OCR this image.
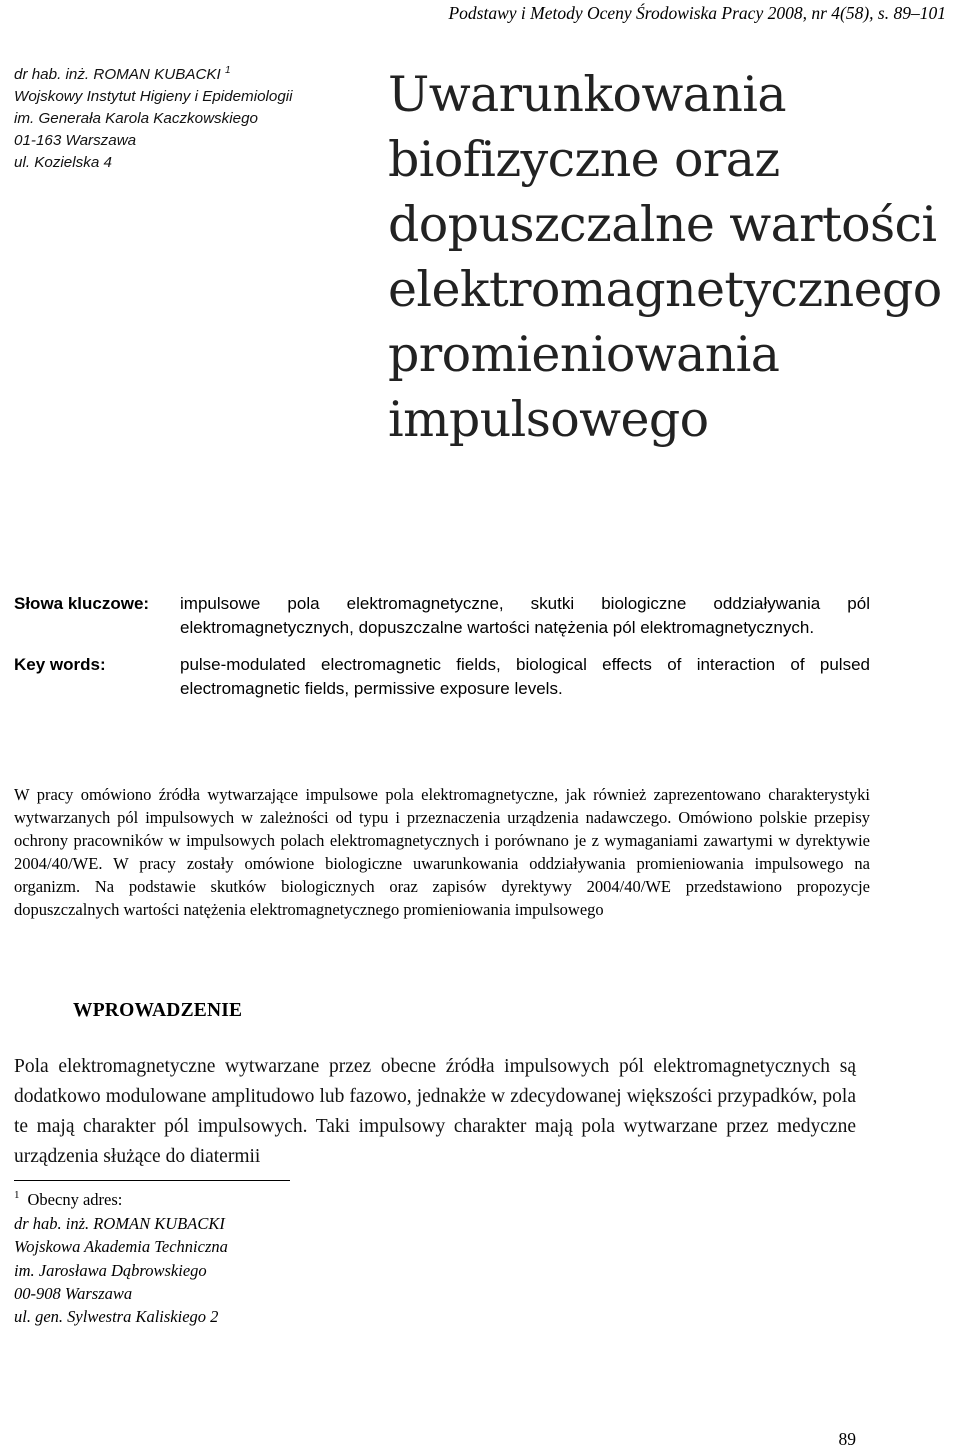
Podstawy i Metody Oceny Środowiska Pracy 2008, nr 4(58), s. 89–101
dr hab. inż. ROMAN KUBACKI $^1$
Wojskowy Instytut Higieny i Epidemiologii
im. Generała Karola Kaczkowskiego
01-163 Warszawa
ul. Kozielska 4
Uwarunkowania
biofizyczne oraz
dopuszczalne wartości
elektromagnetycznego
promieniowania
impulsowego
Słowa kluczowe:	impulsowe pola elektromagnetyczne, skutki biologiczne oddziaływania pól elektromagnetycznych, dopuszczalne wartości natężenia pól elektromagnetycznych.
Key words:	pulse-modulated electromagnetic fields, biological effects of interaction of pulsed electromagnetic fields, permissive exposure levels.
W pracy omówiono źródła wytwarzające impulsowe pola elektromagnetyczne, jak również zaprezentowano charakterystyki wytwarzanych pól impulsowych w zależności od typu i przeznaczenia urządzenia nadawczego. Omówiono polskie przepisy ochrony pracowników w impulsowych polach elektromagnetycznych i porównano je z wymaganiami zawartymi w dyrektywie 2004/40/WE. W pracy zostały omówione biologiczne uwarunkowania oddziaływania promieniowania impulsowego na organizm. Na podstawie skutków biologicznych oraz zapisów dyrektywy 2004/40/WE przedstawiono propozycje dopuszczalnych wartości natężenia elektromagnetycznego promieniowania impulsowego
WPROWADZENIE
Pola elektromagnetyczne wytwarzane przez obecne źródła impulsowych pól elektromagnetycznych są dodatkowo modulowane amplitudowo lub fazowo, jednakże w zdecydowanej większości przypadków, pola te mają charakter pól impulsowych. Taki impulsowy charakter mają pola wytwarzane przez medyczne urządzenia służące do diatermii
$^1$ Obecny adres:
dr hab. inż. ROMAN KUBACKI
Wojskowa Akademia Techniczna
im. Jarosława Dąbrowskiego
00-908 Warszawa
ul. gen. Sylwestra Kaliskiego 2
89
